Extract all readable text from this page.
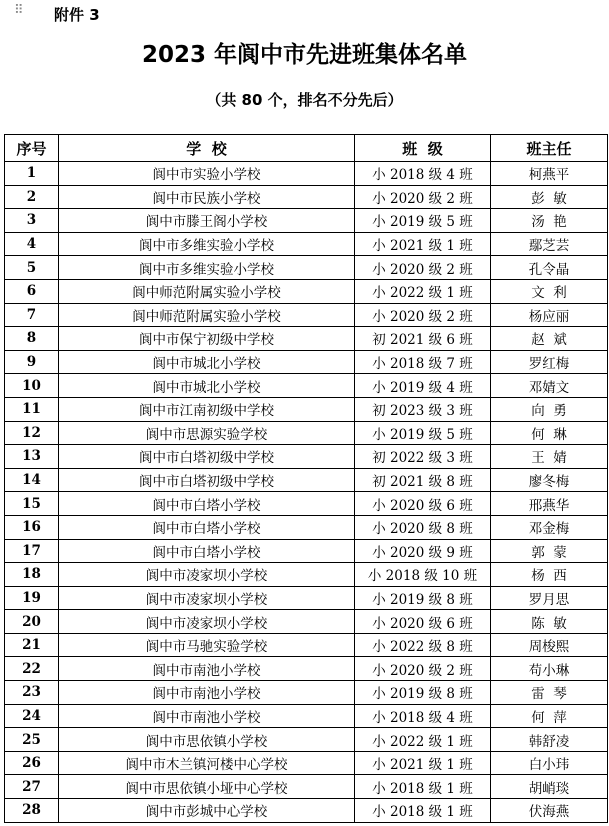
⠿ 附件 3
2023 年阆中市先进班集体名单
（共 80 个，排名不分先后）
序号	学  校	班  级	班主任
1	阆中市实验小学校	小 2018 级 4 班	柯燕平
2	阆中市民族小学校	小 2020 级 2 班	彭  敏
3	阆中市滕王阁小学校	小 2019 级 5 班	汤  艳
4	阆中市多维实验小学校	小 2021 级 1 班	鄢芝芸
5	阆中市多维实验小学校	小 2020 级 2 班	孔令晶
6	阆中师范附属实验小学校	小 2022 级 1 班	文  利
7	阆中师范附属实验小学校	小 2020 级 2 班	杨应丽
8	阆中市保宁初级中学校	初 2021 级 6 班	赵  斌
9	阆中市城北小学校	小 2018 级 7 班	罗红梅
10	阆中市城北小学校	小 2019 级 4 班	邓婧文
11	阆中市江南初级中学校	初 2023 级 3 班	向  勇
12	阆中市思源实验学校	小 2019 级 5 班	何  琳
13	阆中市白塔初级中学校	初 2022 级 3 班	王  婧
14	阆中市白塔初级中学校	初 2021 级 8 班	廖冬梅
15	阆中市白塔小学校	小 2020 级 6 班	邢燕华
16	阆中市白塔小学校	小 2020 级 8 班	邓金梅
17	阆中市白塔小学校	小 2020 级 9 班	郭  蒙
18	阆中市凌家坝小学校	小 2018 级 10 班	杨  西
19	阆中市凌家坝小学校	小 2019 级 8 班	罗月思
20	阆中市凌家坝小学校	小 2020 级 6 班	陈  敏
21	阆中市马驰实验学校	小 2022 级 8 班	周梭熙
22	阆中市南池小学校	小 2020 级 2 班	苟小琳
23	阆中市南池小学校	小 2019 级 8 班	雷  琴
24	阆中市南池小学校	小 2018 级 4 班	何  萍
25	阆中市思依镇小学校	小 2022 级 1 班	韩舒凌
26	阆中市木兰镇河楼中心学校	小 2021 级 1 班	白小玮
27	阆中市思依镇小垭中心学校	小 2018 级 1 班	胡峭琰
28	阆中市彭城中心学校	小 2018 级 1 班	伏海燕
